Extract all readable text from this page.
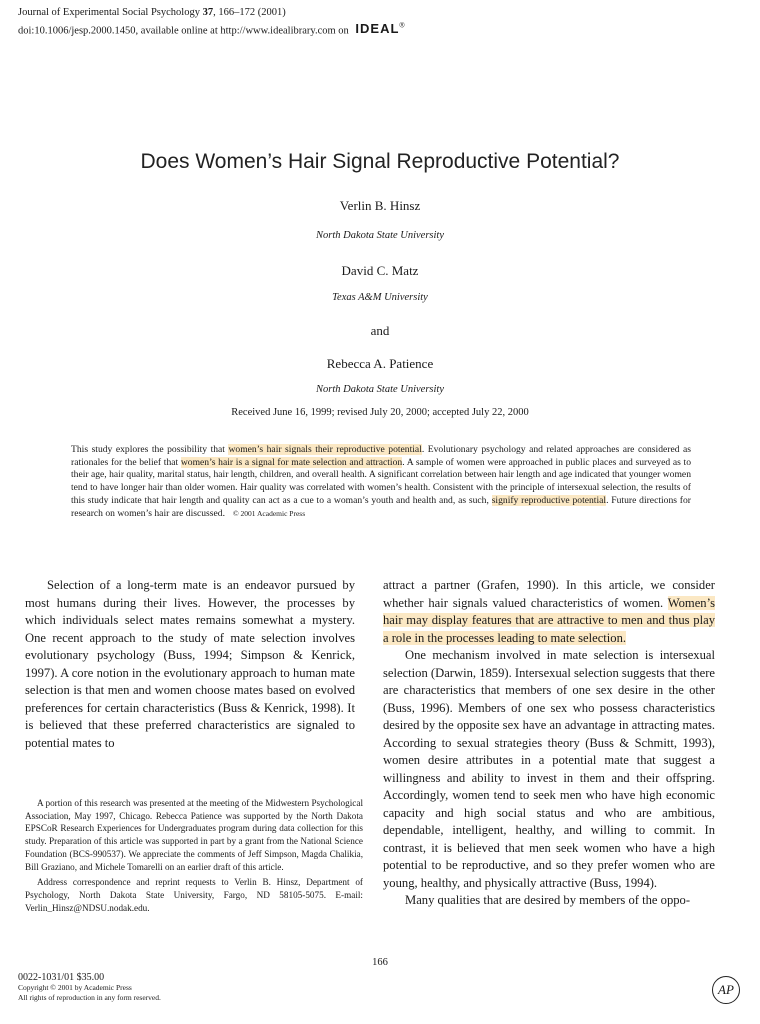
Journal of Experimental Social Psychology 37, 166–172 (2001)
doi:10.1006/jesp.2000.1450, available online at http://www.idealibrary.com on IDEAL®
Does Women’s Hair Signal Reproductive Potential?
Verlin B. Hinsz
North Dakota State University
David C. Matz
Texas A&M University
and
Rebecca A. Patience
North Dakota State University
Received June 16, 1999; revised July 20, 2000; accepted July 22, 2000
This study explores the possibility that women’s hair signals their reproductive potential. Evolutionary psychology and related approaches are considered as rationales for the belief that women’s hair is a signal for mate selection and attraction. A sample of women were approached in public places and surveyed as to their age, hair quality, marital status, hair length, children, and overall health. A significant correlation between hair length and age indicated that younger women tend to have longer hair than older women. Hair quality was correlated with women’s health. Consistent with the principle of intersexual selection, the results of this study indicate that hair length and quality can act as a cue to a woman’s youth and health and, as such, signify reproductive potential. Future directions for research on women’s hair are discussed. © 2001 Academic Press

Selection of a long-term mate is an endeavor pursued by most humans during their lives. However, the processes by which individuals select mates remains somewhat a mystery. One recent approach to the study of mate selection involves evolutionary psychology (Buss, 1994; Simpson & Kenrick, 1997). A core notion in the evolutionary approach to human mate selection is that men and women choose mates based on evolved preferences for certain characteristics (Buss & Kenrick, 1998). It is believed that these preferred characteristics are signaled to potential mates to

attract a partner (Grafen, 1990). In this article, we consider whether hair signals valued characteristics of women. Women’s hair may display features that are attractive to men and thus play a role in the processes leading to mate selection.

One mechanism involved in mate selection is intersexual selection (Darwin, 1859). Intersexual selection suggests that there are characteristics that members of one sex desire in the other (Buss, 1996). Members of one sex who possess characteristics desired by the opposite sex have an advantage in attracting mates. According to sexual strategies theory (Buss & Schmitt, 1993), women desire attributes in a potential mate that suggest a willingness and ability to invest in them and their offspring. Accordingly, women tend to seek men who have high economic capacity and high social status and who are ambitious, dependable, intelligent, healthy, and willing to commit. In contrast, it is believed that men seek women who have a high potential to be reproductive, and so they prefer women who are young, healthy, and physically attractive (Buss, 1994).

Many qualities that are desired by members of the oppo-

A portion of this research was presented at the meeting of the Midwestern Psychological Association, May 1997, Chicago. Rebecca Patience was supported by the North Dakota EPSCoR Research Experiences for Undergraduates program during data collection for this study. Preparation of this article was supported in part by a grant from the National Science Foundation (BCS-990537). We appreciate the comments of Jeff Simpson, Magda Chalikia, Bill Graziano, and Michele Tomarelli on an earlier draft of this article.

Address correspondence and reprint requests to Verlin B. Hinsz, Department of Psychology, North Dakota State University, Fargo, ND 58105-5075. E-mail: Verlin_Hinsz@NDSU.nodak.edu.

166
0022-1031/01 $35.00
Copyright © 2001 by Academic Press
All rights of reproduction in any form reserved.
AP
